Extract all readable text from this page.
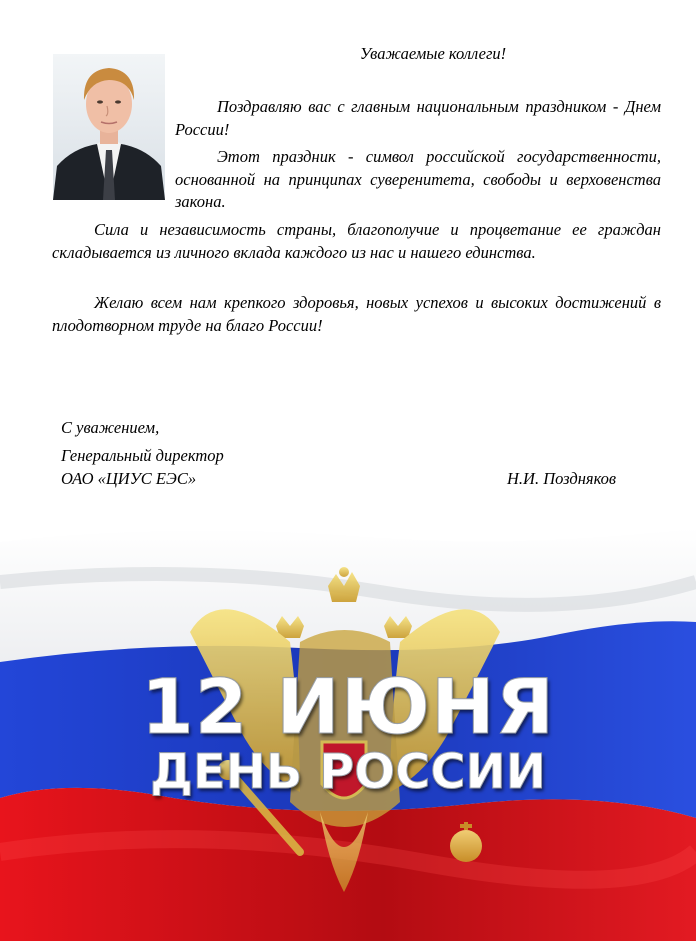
Уважаемые коллеги!

Поздравляю вас с главным национальным праздником - Днем России!

Этот праздник - символ российской государственности, основанной на принципах суверенитета, свободы и верховенства закона.

Сила и независимость страны, благополучие и процветание ее граждан складывается из личного вклада каждого из нас и нашего единства.

Желаю всем нам крепкого здоровья, новых успехов и высоких достижений в плодотворном труде на благо России!

С уважением,
Генеральный директор
ОАО «ЦИУС ЕЭС»	Н.И. Поздняков
12 ИЮНЯ
ДЕНЬ РОССИИ
